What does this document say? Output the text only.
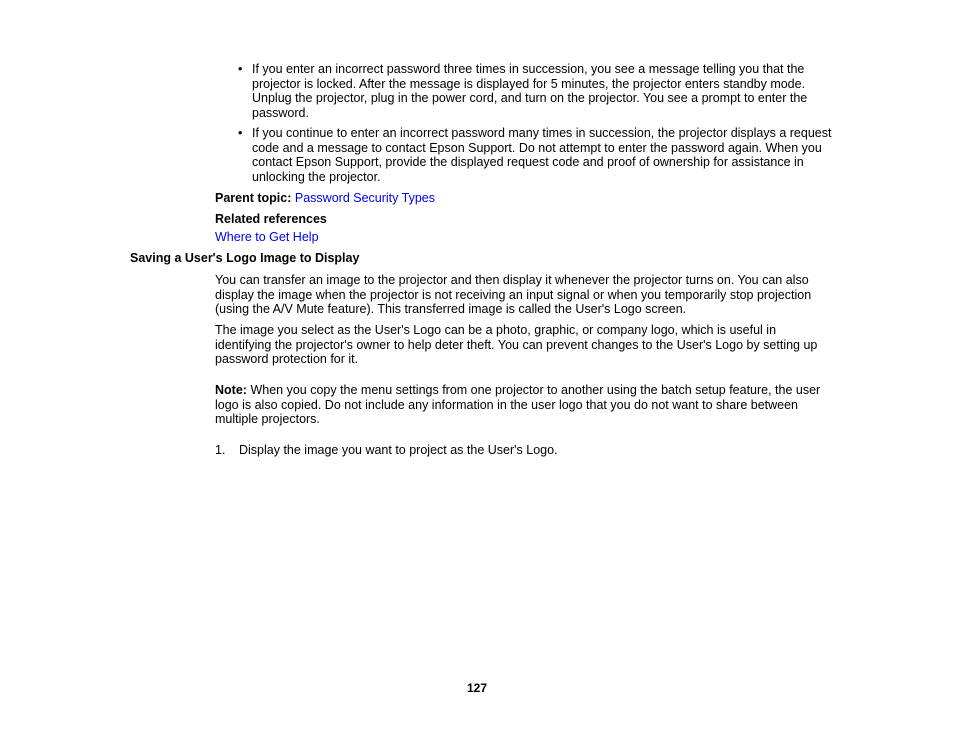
• If you enter an incorrect password three times in succession, you see a message telling you that the projector is locked. After the message is displayed for 5 minutes, the projector enters standby mode. Unplug the projector, plug in the power cord, and turn on the projector. You see a prompt to enter the password.
• If you continue to enter an incorrect password many times in succession, the projector displays a request code and a message to contact Epson Support. Do not attempt to enter the password again. When you contact Epson Support, provide the displayed request code and proof of ownership for assistance in unlocking the projector.

Parent topic: Password Security Types

Related references

Where to Get Help

Saving a User's Logo Image to Display

You can transfer an image to the projector and then display it whenever the projector turns on. You can also display the image when the projector is not receiving an input signal or when you temporarily stop projection (using the A/V Mute feature). This transferred image is called the User's Logo screen.

The image you select as the User's Logo can be a photo, graphic, or company logo, which is useful in identifying the projector's owner to help deter theft. You can prevent changes to the User's Logo by setting up password protection for it.

Note: When you copy the menu settings from one projector to another using the batch setup feature, the user logo is also copied. Do not include any information in the user logo that you do not want to share between multiple projectors.

1. Display the image you want to project as the User's Logo.

127
